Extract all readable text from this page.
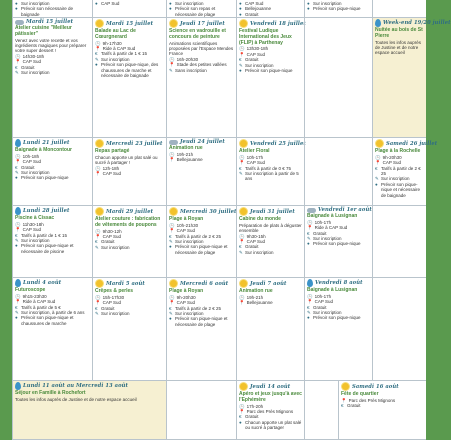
● Sur inscription
● Prévoir son nécessaire de baignade
● CAP Sud	● Sur inscription
● Prévoir son repas et nécessaire de plage
● CAP Sud
● Bellejouanne
● Gratuit
● Sur inscription
● Prévoir son pique-nique
Mardi 15 juillet
Atelier cuisine "Meilleur pâtissier"
Venez avec votre recette et vos ingrédients magiques pour préparer votre super dessert !
🕒 14h30-18h
📍 CAP Sud
€ Gratuit
✎ Sur inscription
Mardi 15 juillet
Balade au Lac de Cœurgnerard
🕒 9h-17h30
📍 Ride à CAP Sud
€ Tarifs à partir de 1 € 15
✎ Sur inscription
● Prévoir son pique-nique, des chaussures de marche et nécessaire de baignade
Jeudi 17 juillet
Science en vadrouille et concours de peinture
Animations scientifiques proposées par l'Espace Mendes France
🕒 16h-20h30
📍 Stade des petites vallées
✎ Sans inscription
Vendredi 18 juillet
Festival Ludique International des Jeux (FLIP) à Parthenay
🕒 13h30-18h
📍 CAP Sud
€ Gratuit
✎ Sur inscription
● Prévoir son pique-nique
Week-end 19/20 juillet
Nuitée au bois de St Pierre
Toutes les infos auprès de Justine et de notre espace accueil
Lundi 21 juillet
Baignade à Moncontour
🕒 10h-18h
📍 CAP Sud
€ Gratuit
✎ Sur inscription
● Prévoir son pique-nique
Mercredi 23 juillet
Repas partagé
Chacun apporte un plat salé ou sucré à partager !
🕒 12h-18h
📍 CAP Sud
Jeudi 24 juillet
Animation rue
🕒 19h-21h
📍 Bellejouanne
Vendredi 25 juillet
Atelier Floral
🕒 10h-17h
📍 CAP Sud
€ Tarifs à partir de 0 € 75
✎ Sur inscription à partir de 5 ans
Samedi 26 juillet
Plage à la Rochelle
🕒 9h-20h30
📍 CAP Sud
€ Tarifs à partir de 2 € 25
✎ Sur inscription
● Prévoir son pique-nique et nécessaire de baignade
Lundi 28 juillet
Piscine à Cissac
🕒 11h30-18h
📍 CAP Sud
€ Tarifs à partir de 1 € 15
✎ Sur inscription
● Prévoir son pique-nique et nécessaire de piscine
Mardi 29 juillet
Atelier couture : fabrication de vêtements de poupons
🕒 9h30-12h
📍 CAP Sud
€ Gratuit
✎ Sur inscription
Mercredi 30 juillet
Plage à Royan
🕒 10h-21h30
📍 CAP Sud
€ Tarifs à partir de 2 € 25
✎ Sur inscription
● Prévoir son pique-nique et nécessaire de plage
Jeudi 31 juillet
Cabine du monde
Préparation de plats à déguster ensemble
🕒 9h30-15h
📍 CAP Sud
€ Gratuit
✎ Sur inscription
Vendredi 1er août
Baignade à Lusignan
🕒 10h-17h
📍 Ride à CAP Sud
€ Gratuit
✎ Sur inscription
● Prévoir son pique-nique
Lundi 4 août
Futuroscope
🕒 9h15-23h30
📍 Ride à CAP Sud
€ Tarifs à partir de 5 €
✎ Sur inscription, à partir de 6 ans
● Prévoir son pique-nique et chaussures de marche
Mardi 5 août
Crêpes & perles
🕒 15h-17h30
📍 CAP Sud
€ Gratuit
✎ Sur inscription
Mercredi 6 août
Plage à Royan
🕒 9h-20h30
📍 CAP Sud
€ Tarifs à partir de 2 € 25
✎ Sur inscription
● Prévoir son pique-nique et nécessaire de plage
Jeudi 7 août
Animation rue
🕒 19h-21h
📍 Bellejouanne
Vendredi 8 août
Baignade à Lusignan
🕒 10h-17h
📍 CAP Sud
€ Gratuit
✎ Sur inscription
● Prévoir son pique-nique
Lundi 11 août au Mercredi 13 août
Séjour en Famille à Rochefort
Toutes les infos auprès de Justine et de notre espace accueil
Jeudi 14 août
Apéro et jeux jusqu'à avec l'Ephémère
🕒 17h-20h
📍 Parc des Près Mignons
€ Gratuit
● Chacun apporte un plat salé ou sucré à partager
Samedi 16 août
Fête de quartier
📍 Parc des Près Mignons
€ Gratuit
